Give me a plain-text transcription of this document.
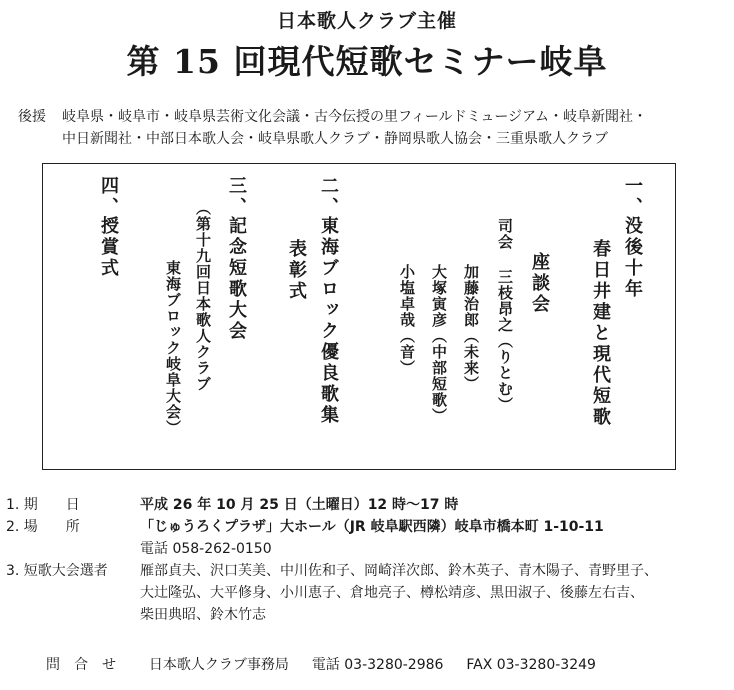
日本歌人クラブ主催
第 15 回現代短歌セミナー岐阜
後援 岐阜県・岐阜市・岐阜県芸術文化会議・古今伝授の里フィールドミュージアム・岐阜新聞社・
中日新聞社・中部日本歌人会・岐阜県歌人クラブ・静岡県歌人協会・三重県歌人クラブ
一、
没後十年
春日井建と現代短歌
座談会
司会 三枝昂之（りとむ）
加藤治郎（未来）
大塚寅彦（中部短歌）
小塩卓哉（音）
二、
東海ブロック優良歌集
表彰式
三、
記念短歌大会
（第十九回日本歌人クラブ
東海ブロック岐阜大会）
四、
授賞式
1. 期　　日	平成 26 年 10 月 25 日（土曜日）12 時〜17 時
2. 場　　所	「じゅうろくプラザ」大ホール（JR 岐阜駅西隣）岐阜市橋本町 1-10-11
電話 058-262-0150
3. 短歌大会選者 雁部貞夫、沢口芙美、中川佐和子、岡崎洋次郎、鈴木英子、青木陽子、青野里子、
大辻隆弘、大平修身、小川恵子、倉地亮子、樽松靖彦、黒田淑子、後藤左右吉、
柴田典昭、鈴木竹志
問　合　せ 日本歌人クラブ事務局 電話 03-3280-2986 FAX 03-3280-3249
